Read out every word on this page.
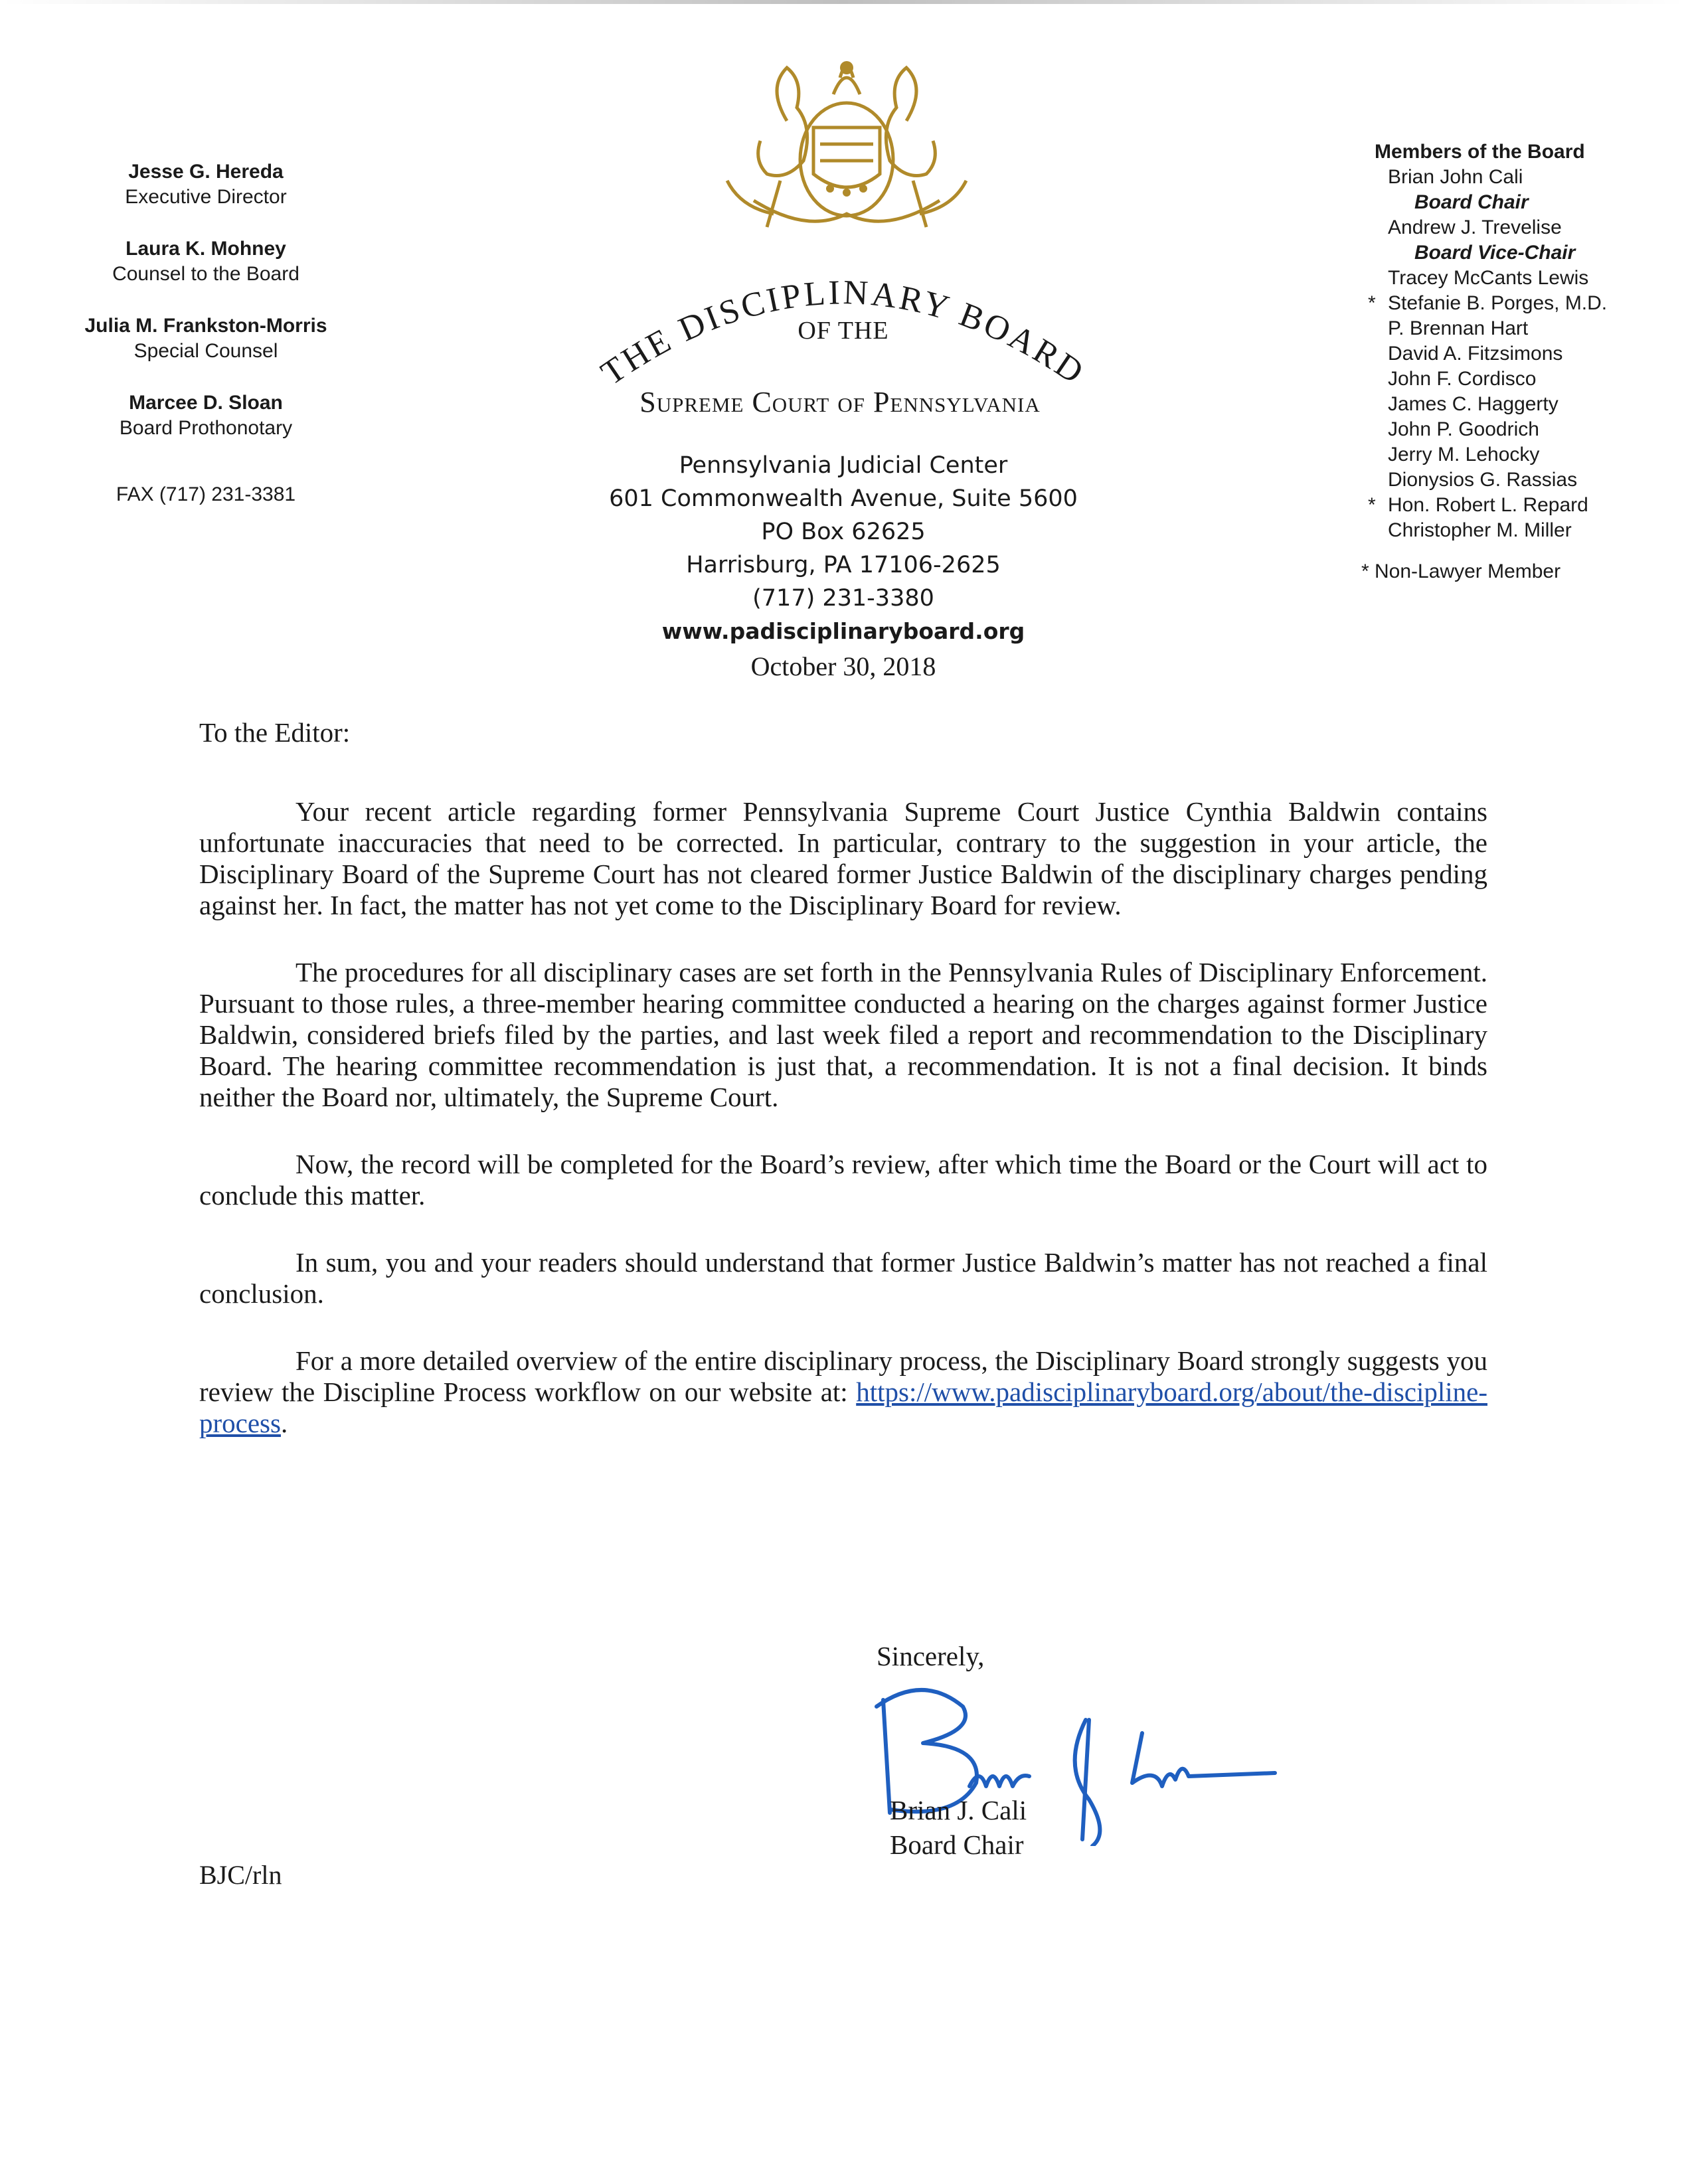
Jesse G. Hereda
Executive Director
Laura K. Mohney
Counsel to the Board
Julia M. Frankston-Morris
Special Counsel
Marcee D. Sloan
Board Prothonotary
FAX (717) 231-3381
THE DISCIPLINARY BOARD
OF THE
Supreme Court of Pennsylvania
Pennsylvania Judicial Center
601 Commonwealth Avenue, Suite 5600
PO Box 62625
Harrisburg, PA 17106-2625
(717) 231-3380
www.padisciplinaryboard.org
October 30, 2018
Members of the Board
Brian John Cali
Board Chair
Andrew J. Trevelise
Board Vice-Chair
Tracey McCants Lewis
* Stefanie B. Porges, M.D.
P. Brennan Hart
David A. Fitzsimons
John F. Cordisco
James C. Haggerty
John P. Goodrich
Jerry M. Lehocky
Dionysios G. Rassias
* Hon. Robert L. Repard
Christopher M. Miller
* Non-Lawyer Member

To the Editor:

Your recent article regarding former Pennsylvania Supreme Court Justice Cynthia Baldwin contains unfortunate inaccuracies that need to be corrected. In particular, contrary to the suggestion in your article, the Disciplinary Board of the Supreme Court has not cleared former Justice Baldwin of the disciplinary charges pending against her. In fact, the matter has not yet come to the Disciplinary Board for review.

The procedures for all disciplinary cases are set forth in the Pennsylvania Rules of Disciplinary Enforcement. Pursuant to those rules, a three-member hearing committee conducted a hearing on the charges against former Justice Baldwin, considered briefs filed by the parties, and last week filed a report and recommendation to the Disciplinary Board. The hearing committee recommendation is just that, a recommendation. It is not a final decision. It binds neither the Board nor, ultimately, the Supreme Court.

Now, the record will be completed for the Board’s review, after which time the Board or the Court will act to conclude this matter.

In sum, you and your readers should understand that former Justice Baldwin’s matter has not reached a final conclusion.

For a more detailed overview of the entire disciplinary process, the Disciplinary Board strongly suggests you review the Discipline Process workflow on our website at: https://www.padisciplinaryboard.org/about/the-discipline-process.

Sincerely,
Brian J. Cali
Board Chair
BJC/rln
